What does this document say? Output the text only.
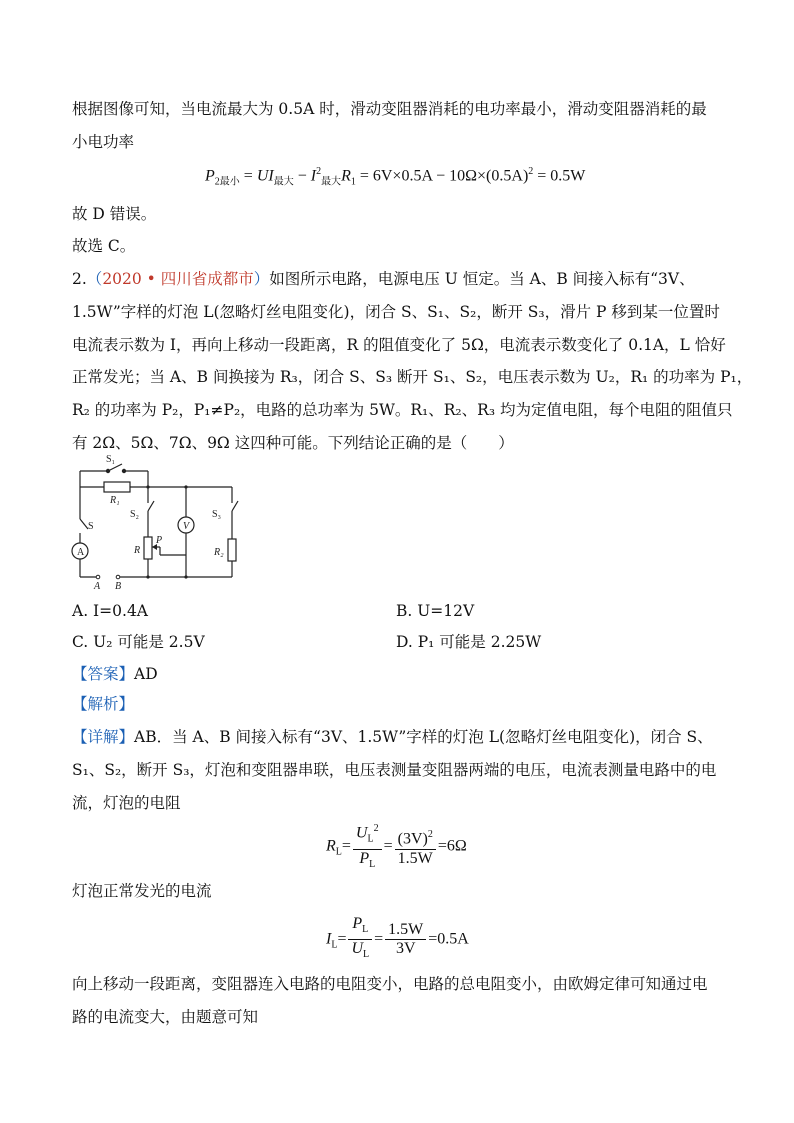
根据图像可知，当电流最大为 0.5A 时，滑动变阻器消耗的电功率最小，滑动变阻器消耗的最
小电功率
$P_{2最小} = UI_{最大} - I^2_{最大}R_1 = 6V\times 0.5A - 10\Omega\times(0.5A)^2 = 0.5W$
故 D 错误。
故选 C。
2.（2020 • 四川省成都市）如图所示电路，电源电压 U 恒定。当 A、B 间接入标有“3V、
1.5W”字样的灯泡 L(忽略灯丝电阻变化)，闭合 S、S₁、S₂，断开 S₃，滑片 P 移到某一位置时
电流表示数为 I，再向上移动一段距离，R 的阻值变化了 5Ω，电流表示数变化了 0.1A，L 恰好
正常发光；当 A、B 间换接为 R₃，闭合 S、S₃ 断开 S₁、S₂，电压表示数为 U₂，R₁ 的功率为 P₁，
R₂ 的功率为 P₂，P₁≠P₂，电路的总功率为 5W。R₁、R₂、R₃ 均为定值电阻，每个电阻的阻值只
有 2Ω、5Ω、7Ω、9Ω 这四种可能。下列结论正确的是（　　）
S₁
R₁
S
A
S₂
V
S₃
R
P
R₂
A B
A. I=0.4A	B. U=12V
C. U₂ 可能是 2.5V	D. P₁ 可能是 2.25W
【答案】AD
【解析】
【详解】AB．当 A、B 间接入标有“3V、1.5W”字样的灯泡 L(忽略灯丝电阻变化)，闭合 S、
S₁、S₂，断开 S₃，灯泡和变阻器串联，电压表测量变阻器两端的电压，电流表测量电路中的电
流，灯泡的电阻
$R_L= \frac{U_L^2}{P_L} = \frac{(3V)^2}{1.5W} =6\Omega$
灯泡正常发光的电流
$I_L= \frac{P_L}{U_L} = \frac{1.5W}{3V} =0.5A$
向上移动一段距离，变阻器连入电路的电阻变小，电路的总电阻变小，由欧姆定律可知通过电
路的电流变大，由题意可知
